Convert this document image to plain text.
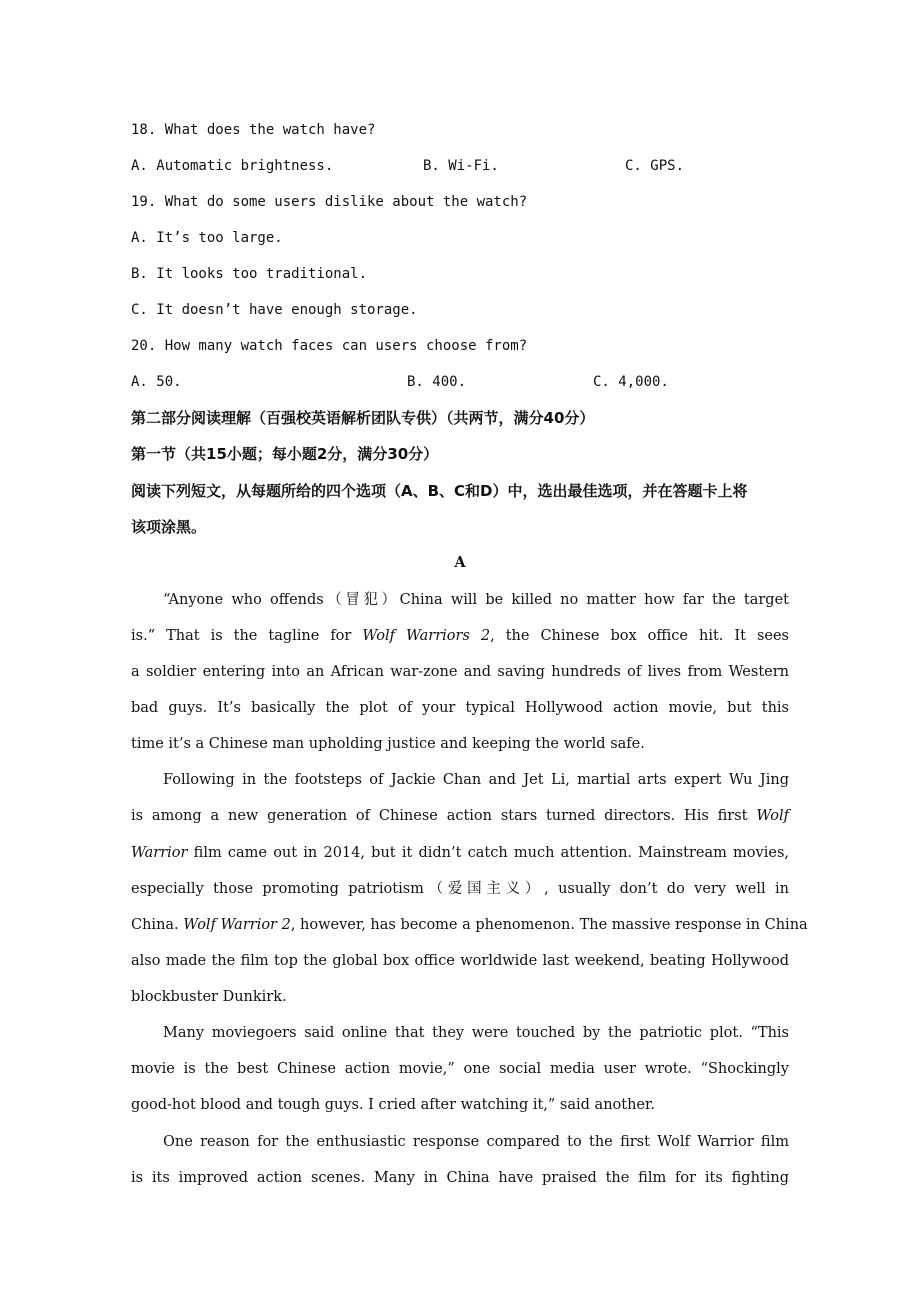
18. What does the watch have?
A. Automatic brightness.	B. Wi-Fi.	C. GPS.
19. What do some users dislike about the watch?
A. It’s too large.
B. It looks too traditional.
C. It doesn’t have enough storage.
20. How many watch faces can users choose from?
A. 50.	B. 400.	C. 4,000.
第二部分阅读理解（百强校英语解析团队专供）（共两节，满分40分）
第一节（共15小题；每小题2分，满分30分）
阅读下列短文，从每题所给的四个选项（A、B、C和D）中，选出最佳选项，并在答题卡上将
该项涂黑。
A
“Anyone who offends（冒犯）China will be killed no matter how far the target
is.” That is the tagline for Wolf Warriors 2, the Chinese box office hit. It sees
a soldier entering into an African war-zone and saving hundreds of lives from Western
bad guys. It’s basically the plot of your typical Hollywood action movie, but this
time it’s a Chinese man upholding justice and keeping the world safe.
Following in the footsteps of Jackie Chan and Jet Li, martial arts expert Wu Jing
is among a new generation of Chinese action stars turned directors. His first Wolf
Warrior film came out in 2014, but it didn’t catch much attention. Mainstream movies,
especially those promoting patriotism（爱国主义）, usually don’t do very well in
China. Wolf Warrior 2, however, has become a phenomenon. The massive response in China
also made the film top the global box office worldwide last weekend, beating Hollywood
blockbuster Dunkirk.
Many moviegoers said online that they were touched by the patriotic plot. “This
movie is the best Chinese action movie,” one social media user wrote. “Shockingly
good-hot blood and tough guys. I cried after watching it,” said another.
One reason for the enthusiastic response compared to the first Wolf Warrior film
is its improved action scenes. Many in China have praised the film for its fighting
